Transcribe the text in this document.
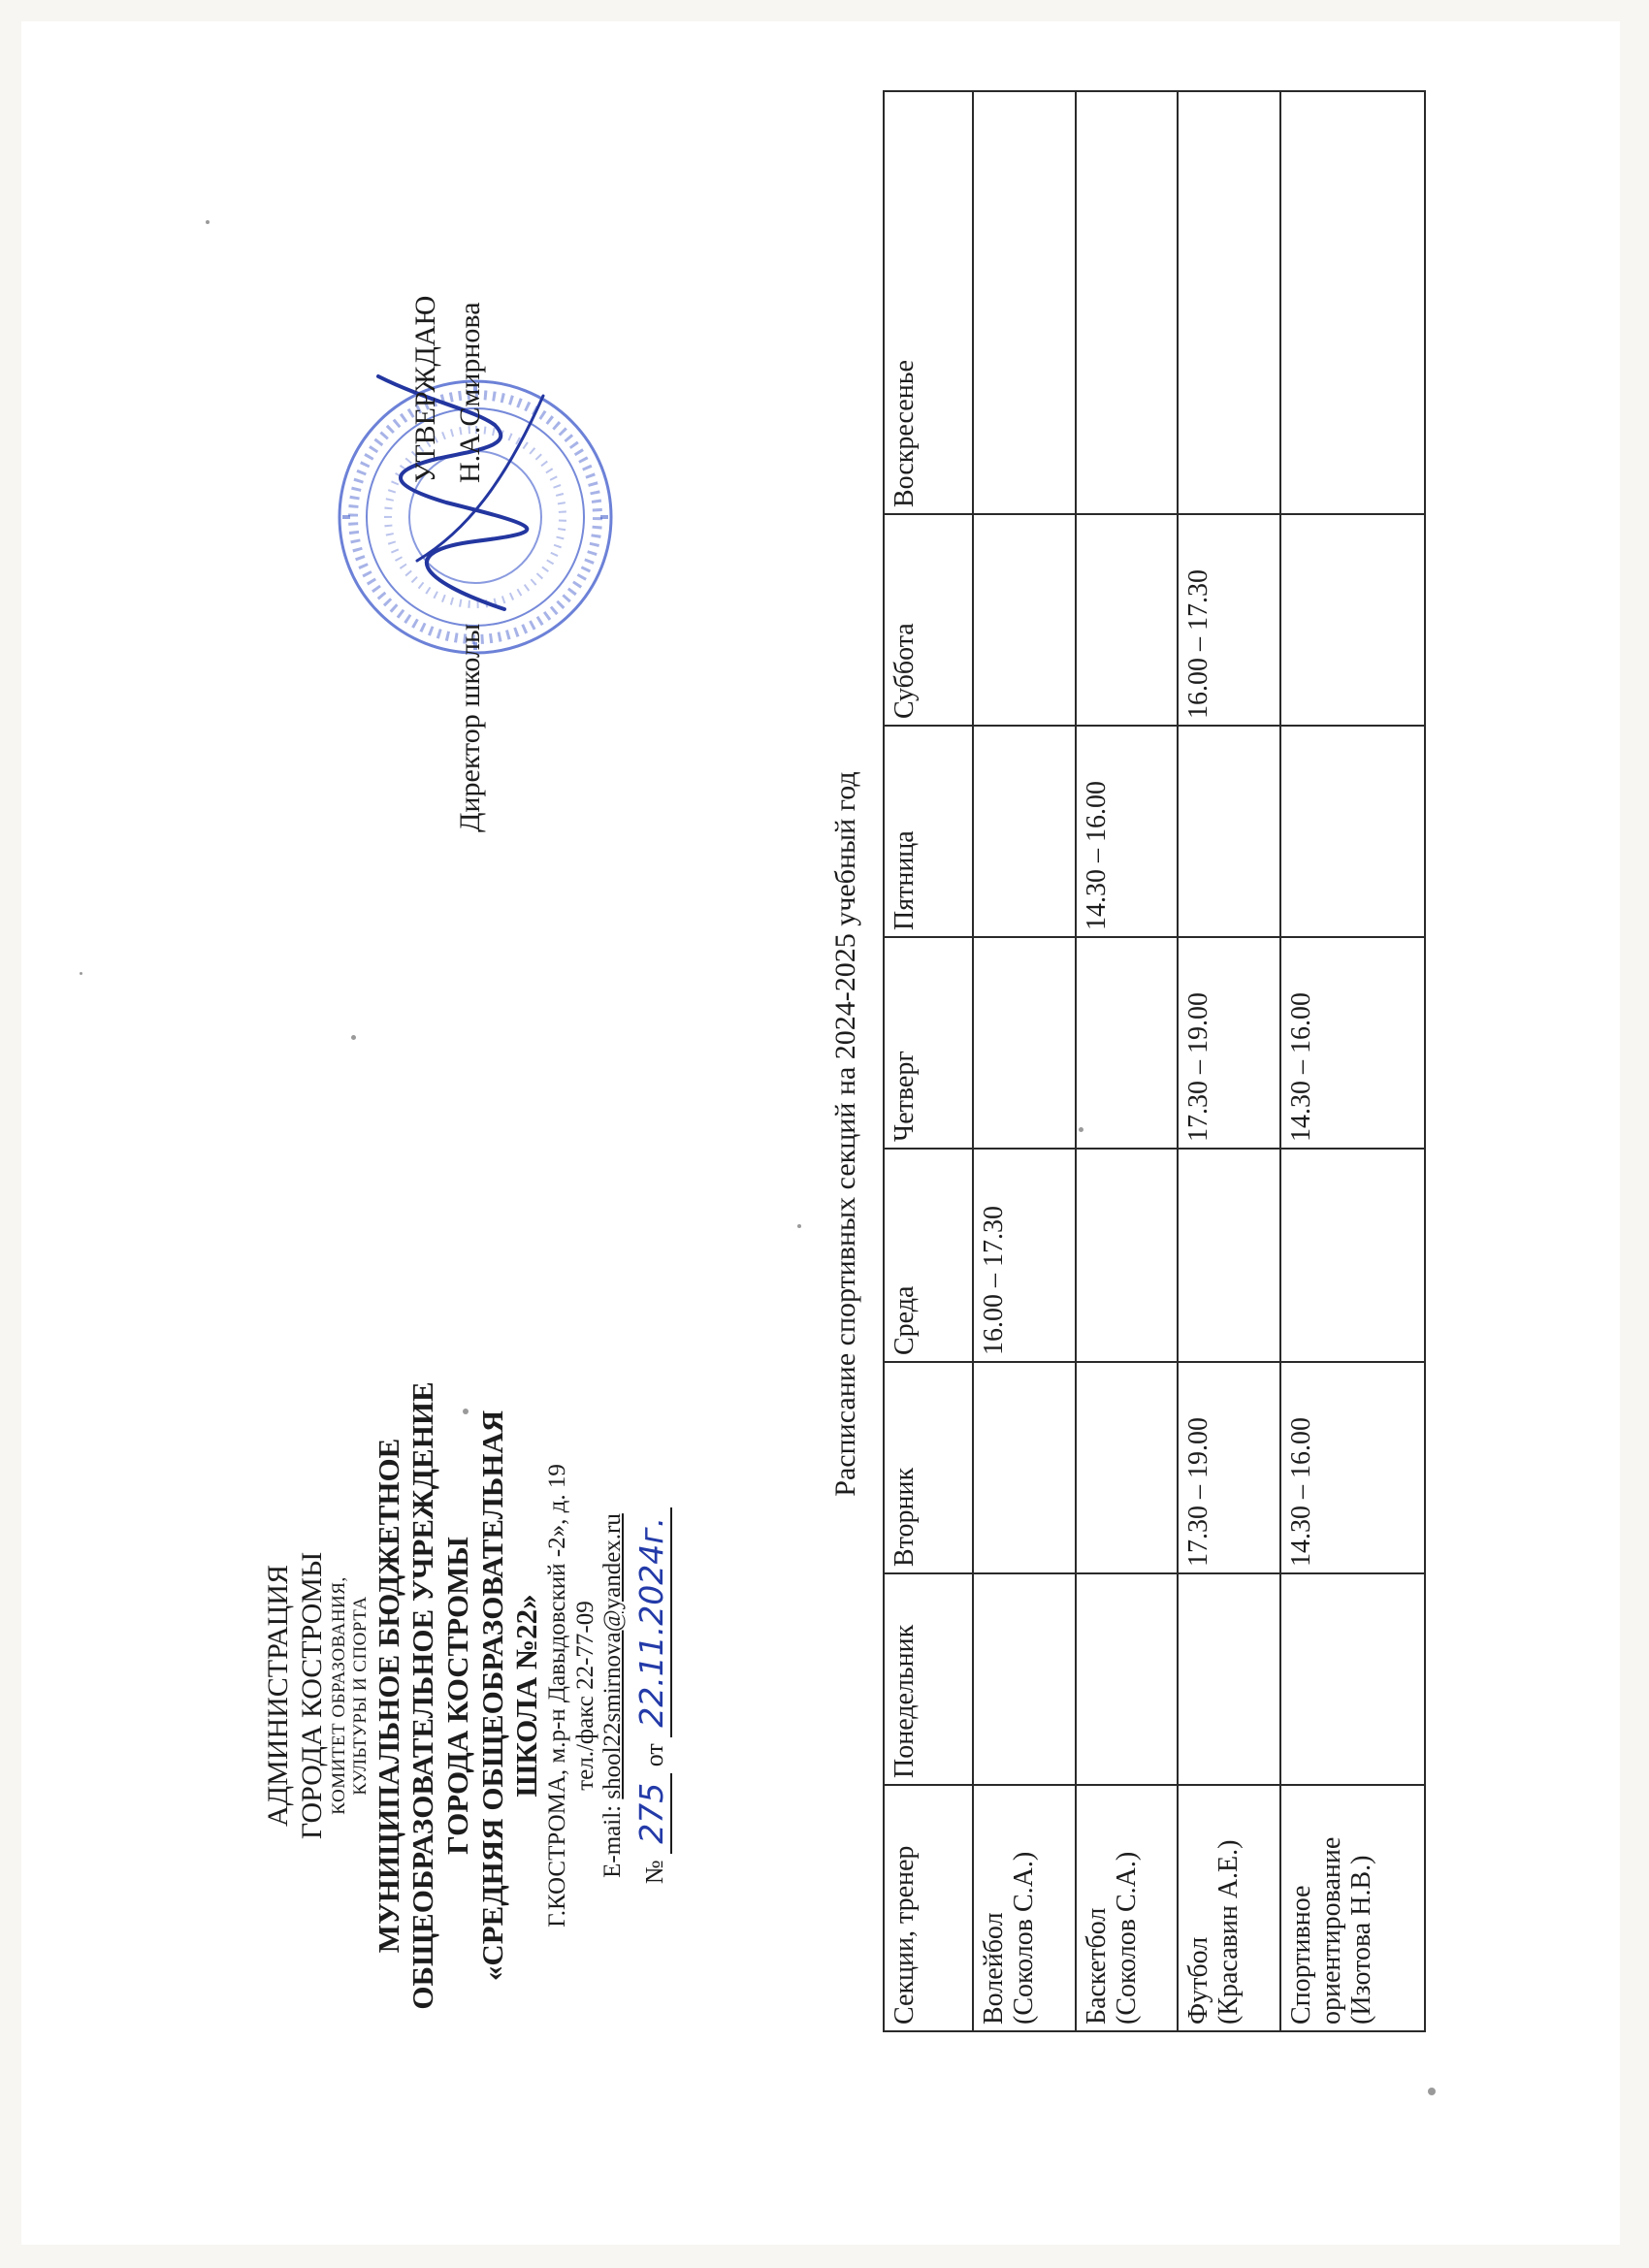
АДМИНИСТРАЦИЯ ГОРОДА КОСТРОМЫ КОМИТЕТ ОБРАЗОВАНИЯ, КУЛЬТУРЫ И СПОРТА МУНИЦИПАЛЬНОЕ БЮДЖЕТНОЕ ОБЩЕОБРАЗОВАТЕЛЬНОЕ УЧРЕЖДЕНИЕ ГОРОДА КОСТРОМЫ «СРЕДНЯЯ ОБЩЕОБРАЗОВАТЕЛЬНАЯ ШКОЛА №22» Г.КОСТРОМА, м.р-н Давыдовский -2», д. 19 тел./факс 22-77-09
E-mail: shool22smirnova@yandex.ru
№ 275 от 22.11.2024г.
УТВЕРЖДАЮ
Директор школы
Н.А.Смирнова
Расписание спортивных секций на 2024-2025 учебный год
Секции, тренер	Понедельник	Вторник	Среда	Четверг	Пятница	Суббота	Воскресенье

Волейбол (Соколов С.А.)			16.00 – 17.30				

Баскетбол (Соколов С.А.)					14.30 – 16.00		

Футбол (Красавин А.Е.)		17.30 – 19.00		17.30 – 19.00		16.00 – 17.30	

Спортивное ориентирование (Изотова Н.В.)		14.30 – 16.00		14.30 – 16.00			
